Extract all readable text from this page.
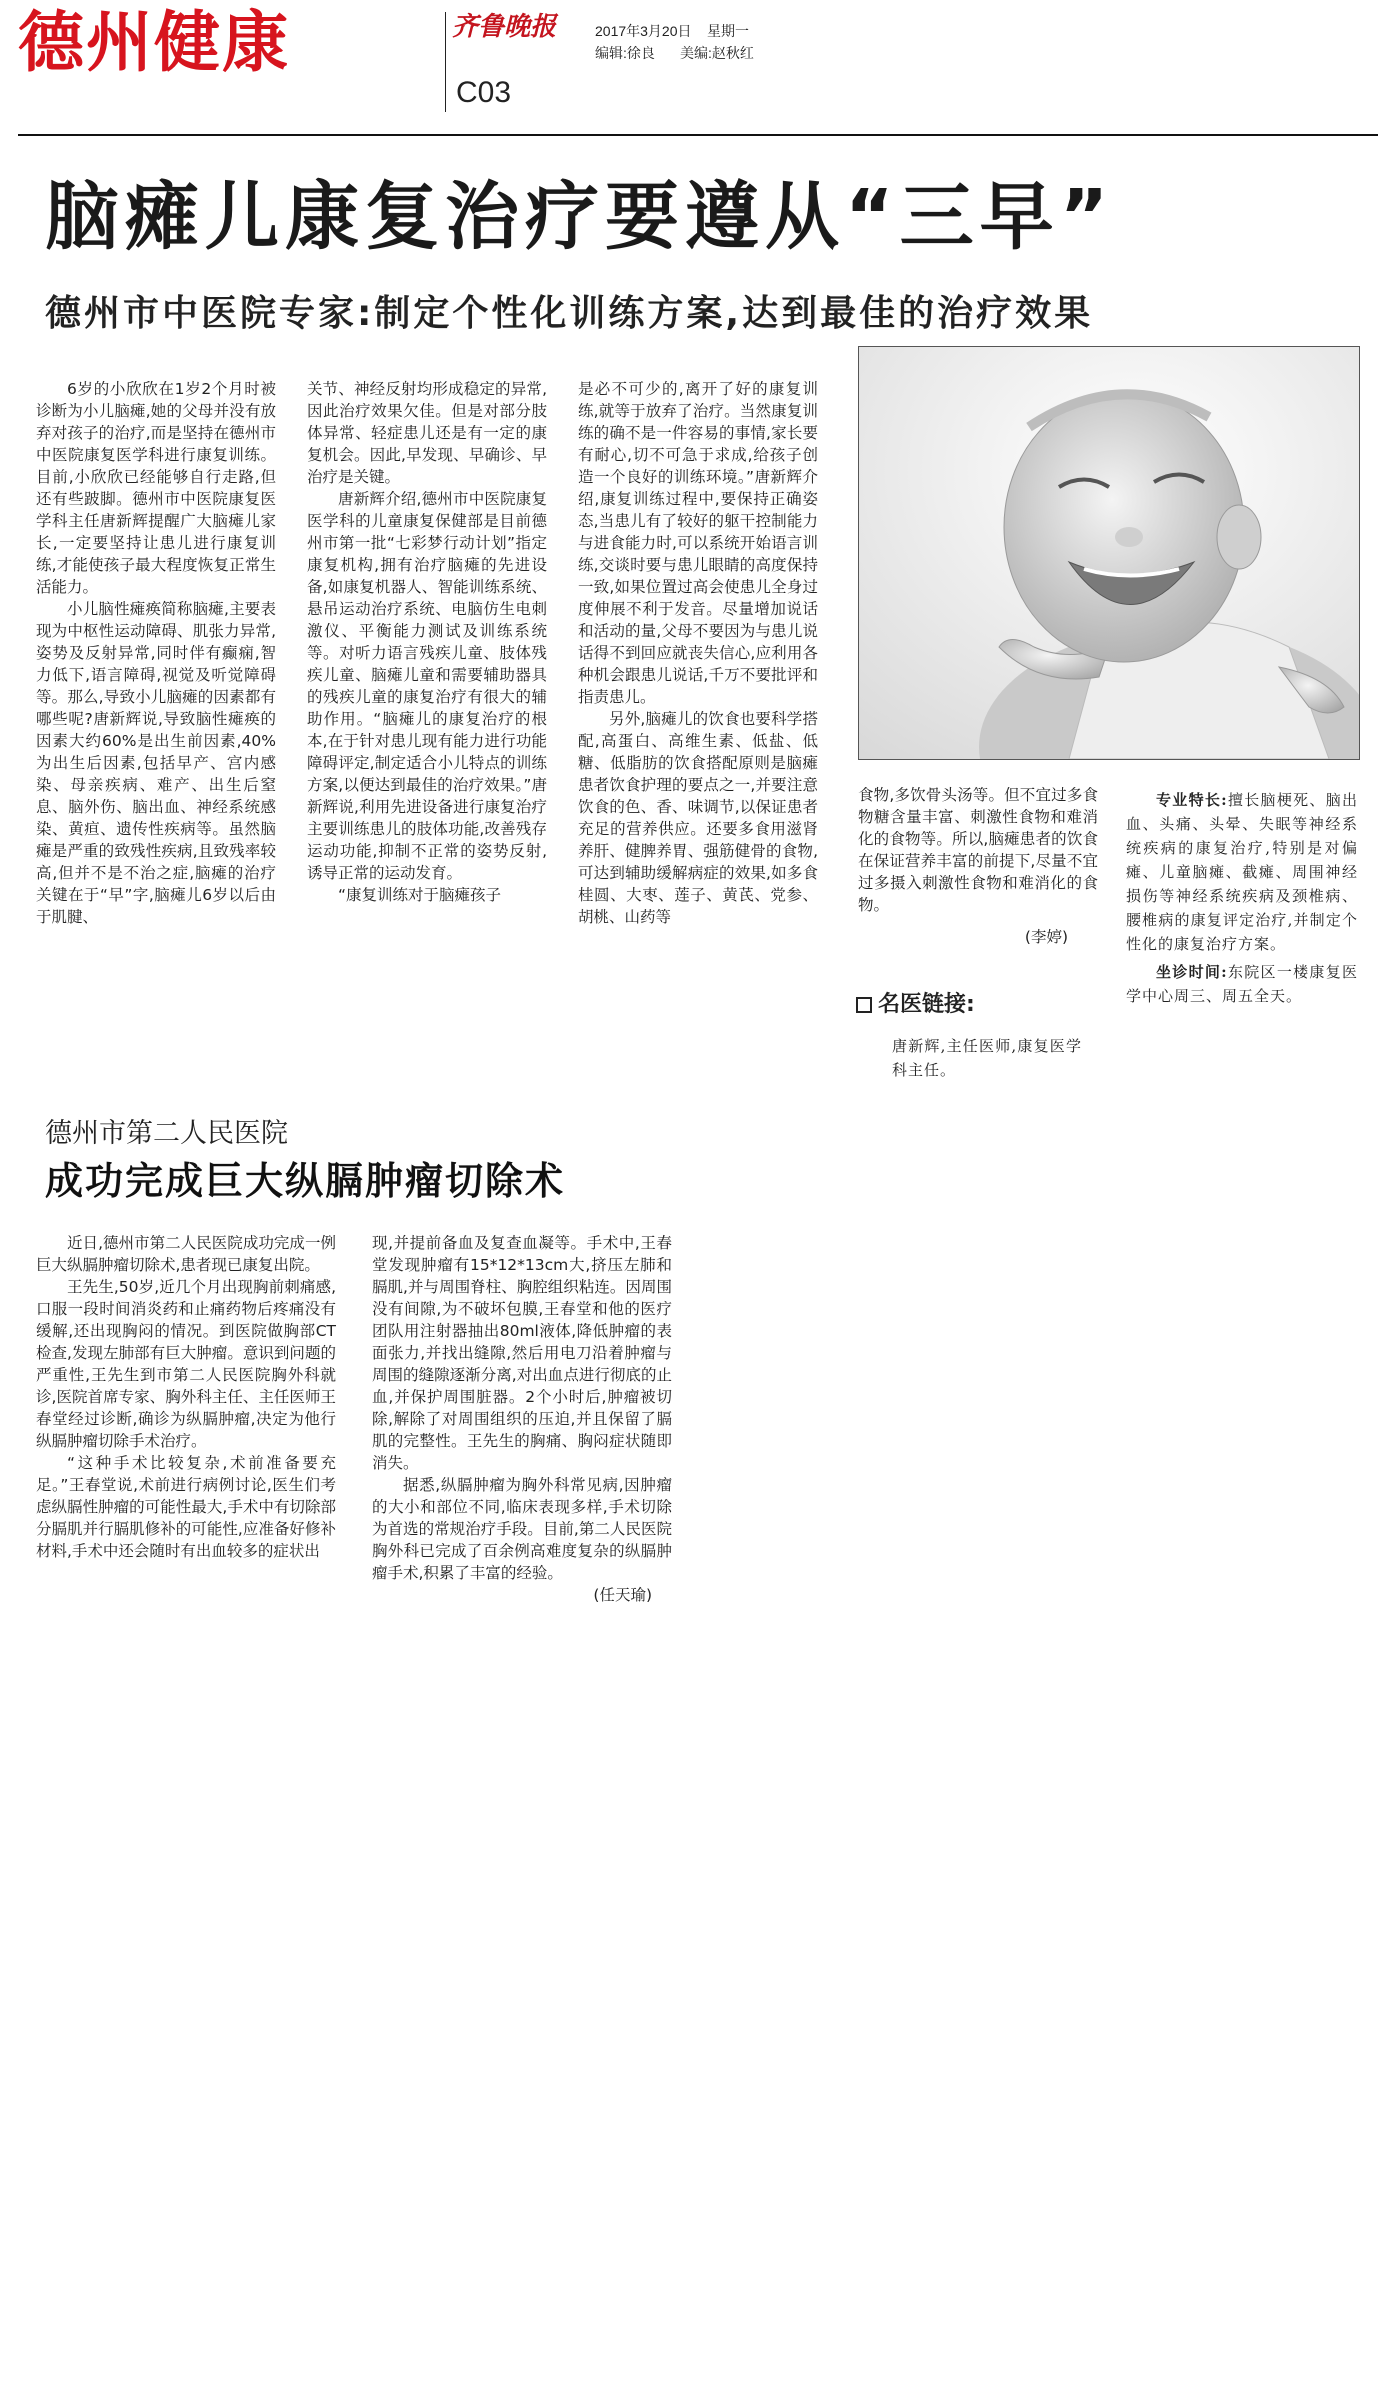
德州健康	齐鲁晚报
C03
2017年3月20日 星期一
编辑:徐良 美编:赵秋红
脑瘫儿康复治疗要遵从“三早”
德州市中医院专家:制定个性化训练方案,达到最佳的治疗效果

6岁的小欣欣在1岁2个月时被诊断为小儿脑瘫,她的父母并没有放弃对孩子的治疗,而是坚持在德州市中医院康复医学科进行康复训练。目前,小欣欣已经能够自行走路,但还有些跛脚。德州市中医院康复医学科主任唐新辉提醒广大脑瘫儿家长,一定要坚持让患儿进行康复训练,才能使孩子最大程度恢复正常生活能力。

小儿脑性瘫痪简称脑瘫,主要表现为中枢性运动障碍、肌张力异常,姿势及反射异常,同时伴有癫痫,智力低下,语言障碍,视觉及听觉障碍等。那么,导致小儿脑瘫的因素都有哪些呢?唐新辉说,导致脑性瘫痪的因素大约60%是出生前因素,40%为出生后因素,包括早产、宫内感染、母亲疾病、难产、出生后窒息、脑外伤、脑出血、神经系统感染、黄疸、遗传性疾病等。虽然脑瘫是严重的致残性疾病,且致残率较高,但并不是不治之症,脑瘫的治疗关键在于“早”字,脑瘫儿6岁以后由于肌腱、

关节、神经反射均形成稳定的异常,因此治疗效果欠佳。但是对部分肢体异常、轻症患儿还是有一定的康复机会。因此,早发现、早确诊、早治疗是关键。

唐新辉介绍,德州市中医院康复医学科的儿童康复保健部是目前德州市第一批“七彩梦行动计划”指定康复机构,拥有治疗脑瘫的先进设备,如康复机器人、智能训练系统、悬吊运动治疗系统、电脑仿生电刺激仪、平衡能力测试及训练系统等。对听力语言残疾儿童、肢体残疾儿童、脑瘫儿童和需要辅助器具的残疾儿童的康复治疗有很大的辅助作用。“脑瘫儿的康复治疗的根本,在于针对患儿现有能力进行功能障碍评定,制定适合小儿特点的训练方案,以便达到最佳的治疗效果。”唐新辉说,利用先进设备进行康复治疗主要训练患儿的肢体功能,改善残存运动功能,抑制不正常的姿势反射,诱导正常的运动发育。

“康复训练对于脑瘫孩子

是必不可少的,离开了好的康复训练,就等于放弃了治疗。当然康复训练的确不是一件容易的事情,家长要有耐心,切不可急于求成,给孩子创造一个良好的训练环境。”唐新辉介绍,康复训练过程中,要保持正确姿态,当患儿有了较好的躯干控制能力与进食能力时,可以系统开始语言训练,交谈时要与患儿眼睛的高度保持一致,如果位置过高会使患儿全身过度伸展不利于发音。尽量增加说话和活动的量,父母不要因为与患儿说话得不到回应就丧失信心,应利用各种机会跟患儿说话,千万不要批评和指责患儿。

另外,脑瘫儿的饮食也要科学搭配,高蛋白、高维生素、低盐、低糖、低脂肪的饮食搭配原则是脑瘫患者饮食护理的要点之一,并要注意饮食的色、香、味调节,以保证患者充足的营养供应。还要多食用滋肾养肝、健脾养胃、强筋健骨的食物,可达到辅助缓解病症的效果,如多食桂圆、大枣、莲子、黄芪、党参、胡桃、山药等

食物,多饮骨头汤等。但不宜过多食物糖含量丰富、刺激性食物和难消化的食物等。所以,脑瘫患者的饮食在保证营养丰富的前提下,尽量不宜过多摄入刺激性食物和难消化的食物。

(李婷)

名医链接:

唐新辉,主任医师,康复医学科主任。

专业特长:擅长脑梗死、脑出血、头痛、头晕、失眠等神经系统疾病的康复治疗,特别是对偏瘫、儿童脑瘫、截瘫、周围神经损伤等神经系统疾病及颈椎病、腰椎病的康复评定治疗,并制定个性化的康复治疗方案。

坐诊时间:东院区一楼康复医学中心周三、周五全天。

德州市第二人民医院
成功完成巨大纵膈肿瘤切除术

近日,德州市第二人民医院成功完成一例巨大纵膈肿瘤切除术,患者现已康复出院。

王先生,50岁,近几个月出现胸前刺痛感,口服一段时间消炎药和止痛药物后疼痛没有缓解,还出现胸闷的情况。到医院做胸部CT检查,发现左肺部有巨大肿瘤。意识到问题的严重性,王先生到市第二人民医院胸外科就诊,医院首席专家、胸外科主任、主任医师王春堂经过诊断,确诊为纵膈肿瘤,决定为他行纵膈肿瘤切除手术治疗。

“这种手术比较复杂,术前准备要充足。”王春堂说,术前进行病例讨论,医生们考虑纵膈性肿瘤的可能性最大,手术中有切除部分膈肌并行膈肌修补的可能性,应准备好修补材料,手术中还会随时有出血较多的症状出

现,并提前备血及复查血凝等。手术中,王春堂发现肿瘤有15*12*13cm大,挤压左肺和膈肌,并与周围脊柱、胸腔组织粘连。因周围没有间隙,为不破坏包膜,王春堂和他的医疗团队用注射器抽出80ml液体,降低肿瘤的表面张力,并找出缝隙,然后用电刀沿着肿瘤与周围的缝隙逐渐分离,对出血点进行彻底的止血,并保护周围脏器。2个小时后,肿瘤被切除,解除了对周围组织的压迫,并且保留了膈肌的完整性。王先生的胸痛、胸闷症状随即消失。

据悉,纵膈肿瘤为胸外科常见病,因肿瘤的大小和部位不同,临床表现多样,手术切除为首选的常规治疗手段。目前,第二人民医院胸外科已完成了百余例高难度复杂的纵膈肿瘤手术,积累了丰富的经验。

(任天瑜)
